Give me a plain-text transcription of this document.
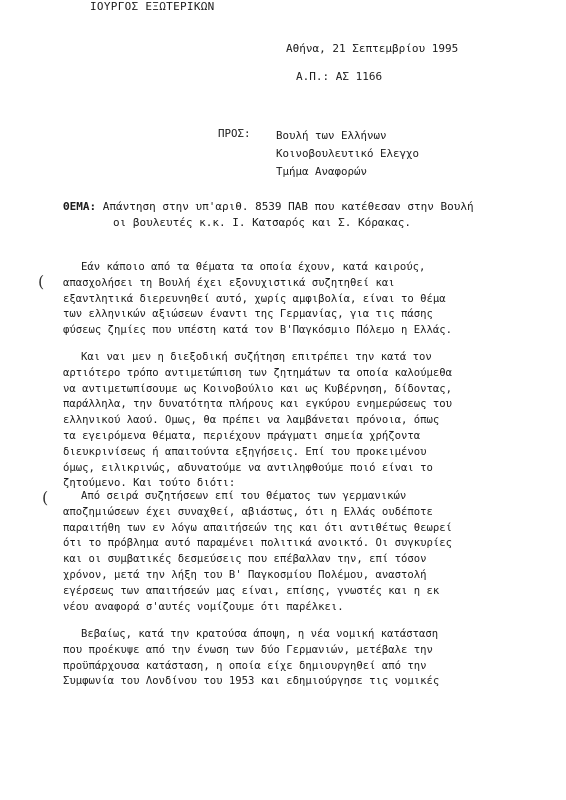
ΙΟΥΡΓΟΣ ΕΞΩΤΕΡΙΚΩΝ
Αθήνα, 21 Σεπτεμβρίου 1995
Α.Π.: ΑΣ 1166
ΠΡΟΣ: Βουλή των Ελλήνων
Κοινοβουλευτικό Ελεγχο
Τμήμα Αναφορών
ΘΕΜΑ: Απάντηση στην υπ'αριθ. 8539 ΠΑΒ που κατέθεσαν στην Βουλή
οι βουλευτές κ.κ. Ι. Κατσαρός και Σ. Κόρακας.
(
(
Εάν κάποιο από τα θέματα τα οποία έχουν, κατά καιρούς,
απασχολήσει τη Βουλή έχει εξονυχιστικά συζητηθεί και
εξαντλητικά διερευνηθεί αυτό, χωρίς αμφιβολία, είναι το θέμα
των ελληνικών αξιώσεων έναντι της Γερμανίας, για τις πάσης
φύσεως ζημίες που υπέστη κατά τον Β'Παγκόσμιο Πόλεμο η Ελλάς.
Και ναι μεν η διεξοδική συζήτηση επιτρέπει την κατά τον
αρτιότερο τρόπο αντιμετώπιση των ζητημάτων τα οποία καλούμεθα
να αντιμετωπίσουμε ως Κοινοβούλιο και ως Κυβέρνηση, δίδοντας,
παράλληλα, την δυνατότητα πλήρους και εγκύρου ενημερώσεως του
ελληνικού λαού. Ομως, θα πρέπει να λαμβάνεται πρόνοια, όπως
τα εγειρόμενα θέματα, περιέχουν πράγματι σημεία χρήζοντα
διευκρινίσεως ή απαιτούντα εξηγήσεις. Επί του προκειμένου
όμως, ειλικρινώς, αδυνατούμε να αντιληφθούμε ποιό είναι το
ζητούμενο. Και τούτο διότι:
Από σειρά συζητήσεων επί του θέματος των γερμανικών
αποζημιώσεων έχει συναχθεί, αβιάστως, ότι η Ελλάς ουδέποτε
παραιτήθη των εν λόγω απαιτήσεών της και ότι αντιθέτως θεωρεί
ότι το πρόβλημα αυτό παραμένει πολιτικά ανοικτό. Οι συγκυρίες
και οι συμβατικές δεσμεύσεις που επέβαλλαν την, επί τόσον
χρόνον, μετά την λήξη του Β' Παγκοσμίου Πολέμου, αναστολή
εγέρσεως των απαιτήσεών μας είναι, επίσης, γνωστές και η εκ
νέου αναφορά σ'αυτές νομίζουμε ότι παρέλκει.
Βεβαίως, κατά την κρατούσα άποψη, η νέα νομική κατάσταση
που προέκυψε από την ένωση των δύο Γερμανιών, μετέβαλε την
προϋπάρχουσα κατάσταση, η οποία είχε δημιουργηθεί από την
Συμφωνία του Λονδίνου του 1953 και εδημιούργησε τις νομικές
